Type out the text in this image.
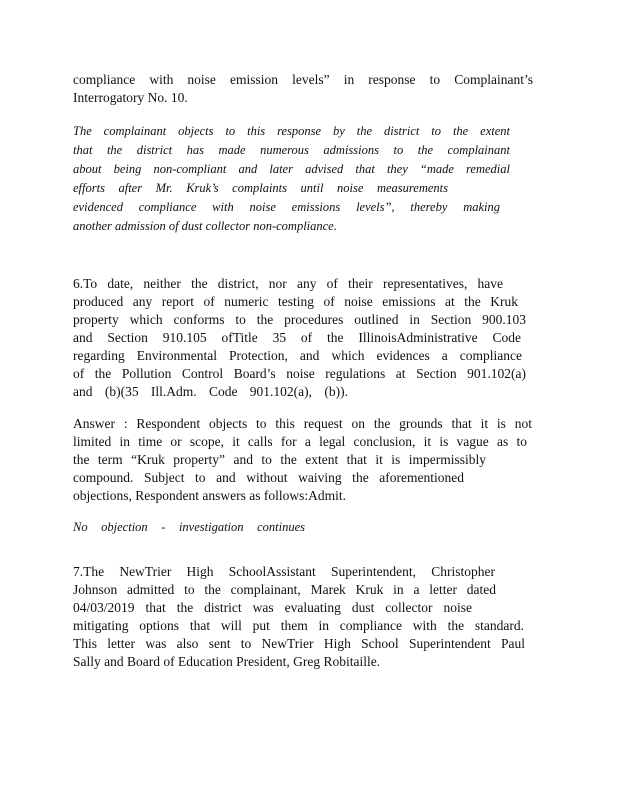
compliance with noise emission levels” in response to Complainant’s
Interrogatory No. 10.
The complainant objects to this response by the district to the extent
that the district has made numerous admissions to the complainant
about being non-compliant and later advised that they “made remedial
efforts after Mr. Kruk’s complaints until noise measurements
evidenced compliance with noise emissions levels”, thereby making
another admission of dust collector non-compliance.
6.To date, neither the district, nor any of their representatives, have
produced any report of numeric testing of noise emissions at the Kruk
property which conforms to the procedures outlined in Section 900.103
and Section 910.105 ofTitle 35 of the IllinoisAdministrative Code
regarding Environmental Protection, and which evidences a compliance
of the Pollution Control Board’s noise regulations at Section 901.102(a)
and (b)(35 Ill.Adm. Code 901.102(a), (b)).
Answer : Respondent objects to this request on the grounds that it is not
limited in time or scope, it calls for a legal conclusion, it is vague as to
the term “Kruk property” and to the extent that it is impermissibly
compound. Subject to and without waiving the aforementioned
objections, Respondent answers as follows:Admit.
No objection - investigation continues
7.The NewTrier High SchoolAssistant Superintendent, Christopher
Johnson admitted to the complainant, Marek Kruk in a letter dated
04/03/2019 that the district was evaluating dust collector noise
mitigating options that will put them in compliance with the standard.
This letter was also sent to NewTrier High School Superintendent Paul
Sally and Board of Education President, Greg Robitaille.
